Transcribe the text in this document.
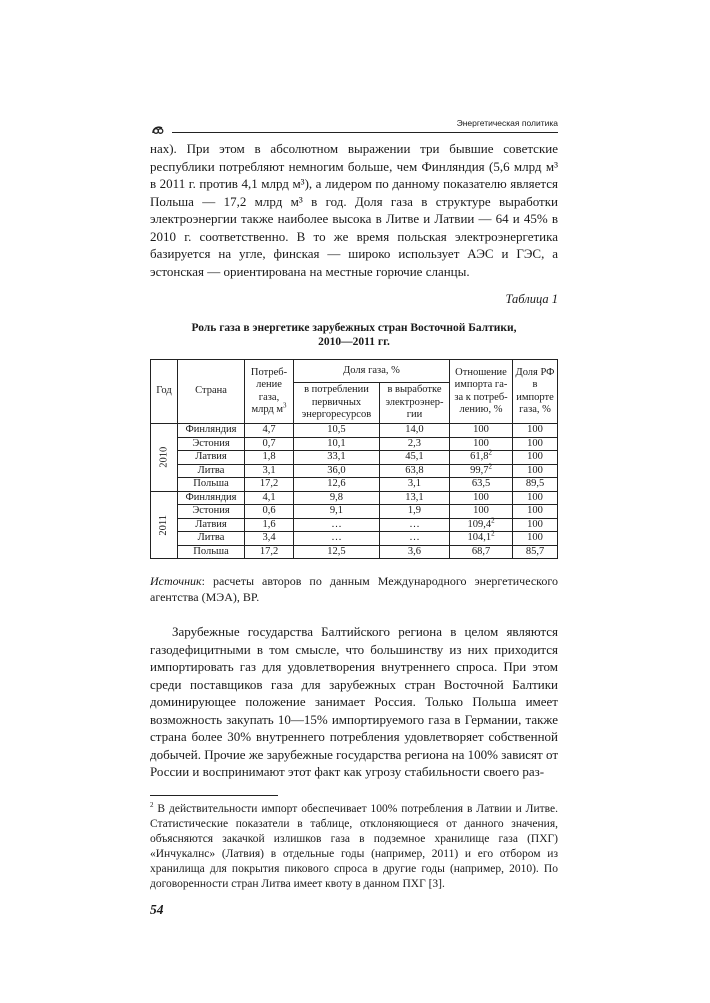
Энергетическая политика

нах). При этом в абсолютном выражении три бывшие советские республики потребляют немногим больше, чем Финляндия (5,6 млрд м³ в 2011 г. против 4,1 млрд м³), а лидером по данному показателю является Польша — 17,2 млрд м³ в год. Доля газа в структуре выработки электроэнергии также наиболее высока в Литве и Латвии — 64 и 45% в 2010 г. соответственно. В то же время польская электроэнергетика базируется на угле, финская — широко использует АЭС и ГЭС, а эстонская — ориентирована на местные горючие сланцы.

Таблица 1
Роль газа в энергетике зарубежных стран Восточной Балтики,
2010—2011 гг.
Год	Страна	Потреб-ление газа, млрд $м^3$	Доля газа, %		Отношение импорта га-за к потреб-лению, %	Доля РФ в импорте газа, %
			в потреблении первичных энергоресурсов	в выработке электроэнер-гии		
2010	Финляндия	4,7	10,5	14,0	100	100
	Эстония	0,7	10,1	2,3	100	100
	Латвия	1,8	33,1	45,1	61,8$^2$	100
	Литва	3,1	36,0	63,8	99,7$^2$	100
	Польша	17,2	12,6	3,1	63,5	89,5
2011	Финляндия	4,1	9,8	13,1	100	100
	Эстония	0,6	9,1	1,9	100	100
	Латвия	1,6	…	…	109,4$^2$	100
	Литва	3,4	…	…	104,1$^2$	100
	Польша	17,2	12,5	3,6	68,7	85,7
Источник: расчеты авторов по данным Международного энергетического агентства (МЭА), BP.

Зарубежные государства Балтийского региона в целом являются газодефицитными в том смысле, что большинству из них приходится импортировать газ для удовлетворения внутреннего спроса. При этом среди поставщиков газа для зарубежных стран Восточной Балтики доминирующее положение занимает Россия. Только Польша имеет возможность закупать 10—15% импортируемого газа в Германии, также страна более 30% внутреннего потребления удовлетворяет собственной добычей. Прочие же зарубежные государства региона на 100% зависят от России и воспринимают этот факт как угрозу стабильности своего раз-

$^2$ В действительности импорт обеспечивает 100% потребления в Латвии и Литве. Статистические показатели в таблице, отклоняющиеся от данного значения, объясняются закачкой излишков газа в подземное хранилище газа (ПХГ) «Инчукалнс» (Латвия) в отдельные годы (например, 2011) и его отбором из хранилища для покрытия пикового спроса в другие годы (например, 2010). По договоренности стран Литва имеет квоту в данном ПХГ [3].
54
